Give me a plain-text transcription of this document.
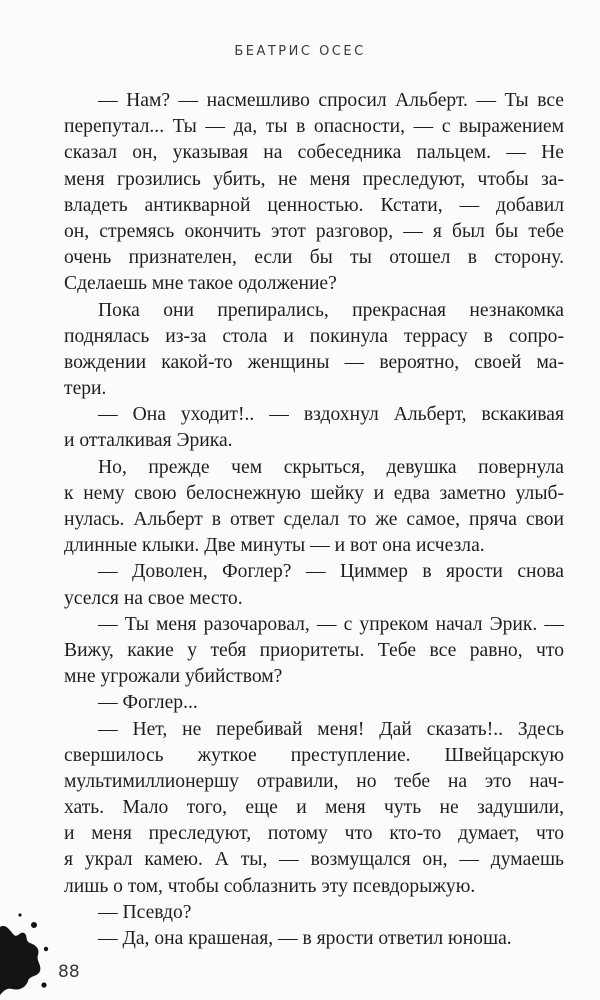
БЕАТРИС ОСЕС
— Нам? — насмешливо спросил Альберт. — Ты все
перепутал... Ты — да, ты в опасности, — с выражением
сказал он, указывая на собеседника пальцем. — Не
меня грозились убить, не меня преследуют, чтобы за-
владеть антикварной ценностью. Кстати, — добавил
он, стремясь окончить этот разговор, — я был бы тебе
очень признателен, если бы ты отошел в сторону.
Сделаешь мне такое одолжение?
Пока они препирались, прекрасная незнакомка
поднялась из-за стола и покинула террасу в сопро-
вождении какой-то женщины — вероятно, своей ма-
тери.
— Она уходит!.. — вздохнул Альберт, вскакивая
и отталкивая Эрика.
Но, прежде чем скрыться, девушка повернула
к нему свою белоснежную шейку и едва заметно улыб-
нулась. Альберт в ответ сделал то же самое, пряча свои
длинные клыки. Две минуты — и вот она исчезла.
— Доволен, Фоглер? — Циммер в ярости снова
уселся на свое место.
— Ты меня разочаровал, — с упреком начал Эрик. —
Вижу, какие у тебя приоритеты. Тебе все равно, что
мне угрожали убийством?
— Фоглер...
— Нет, не перебивай меня! Дай сказать!.. Здесь
свершилось жуткое преступление. Швейцарскую
мультимиллионершу отравили, но тебе на это нач-
хать. Мало того, еще и меня чуть не задушили,
и меня преследуют, потому что кто-то думает, что
я украл камею. А ты, — возмущался он, — думаешь
лишь о том, чтобы соблазнить эту псевдорыжую.
— Псевдо?
— Да, она крашеная, — в ярости ответил юноша.
88
